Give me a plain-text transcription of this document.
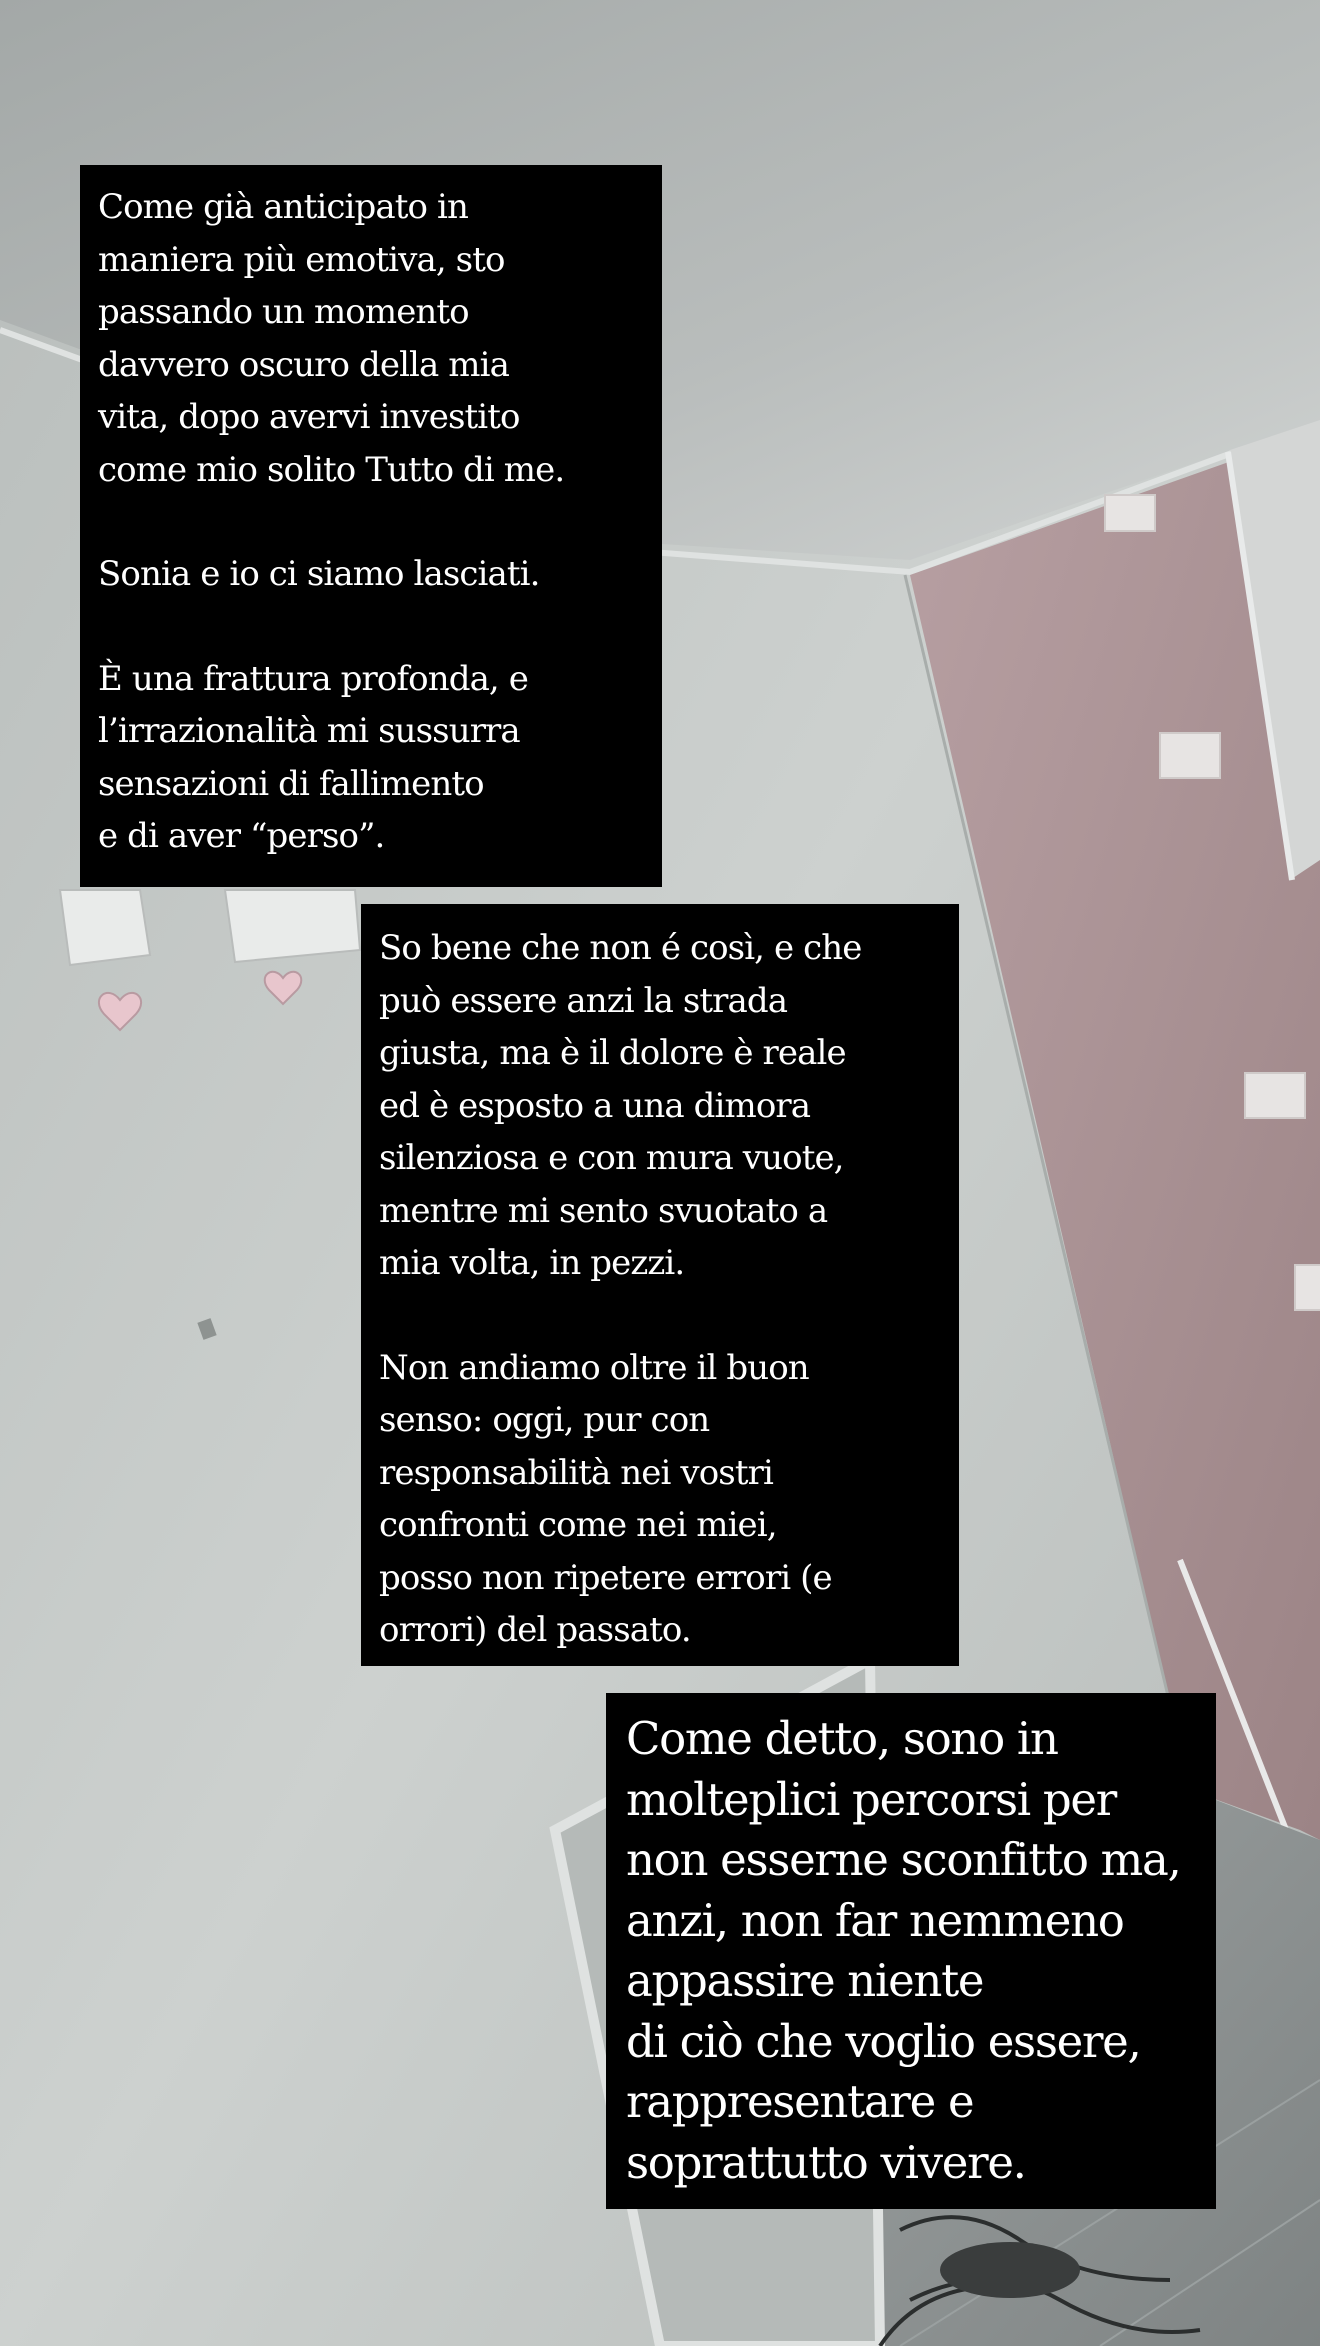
Come già anticipato in
maniera più emotiva, sto
passando un momento
davvero oscuro della mia
vita, dopo avervi investito
come mio solito Tutto di me.

Sonia e io ci siamo lasciati.

È una frattura profonda, e
l’irrazionalità mi sussurra
sensazioni di fallimento
e di aver “perso”.

So bene che non é così, e che
può essere anzi la strada
giusta, ma è il dolore è reale
ed è esposto a una dimora
silenziosa e con mura vuote,
mentre mi sento svuotato a
mia volta, in pezzi.

Non andiamo oltre il buon
senso: oggi, pur con
responsabilità nei vostri
confronti come nei miei,
posso non ripetere errori (e
orrori) del passato.

Come detto, sono in
molteplici percorsi per
non esserne sconfitto ma,
anzi, non far nemmeno
appassire niente
di ciò che voglio essere,
rappresentare e
soprattutto vivere.
